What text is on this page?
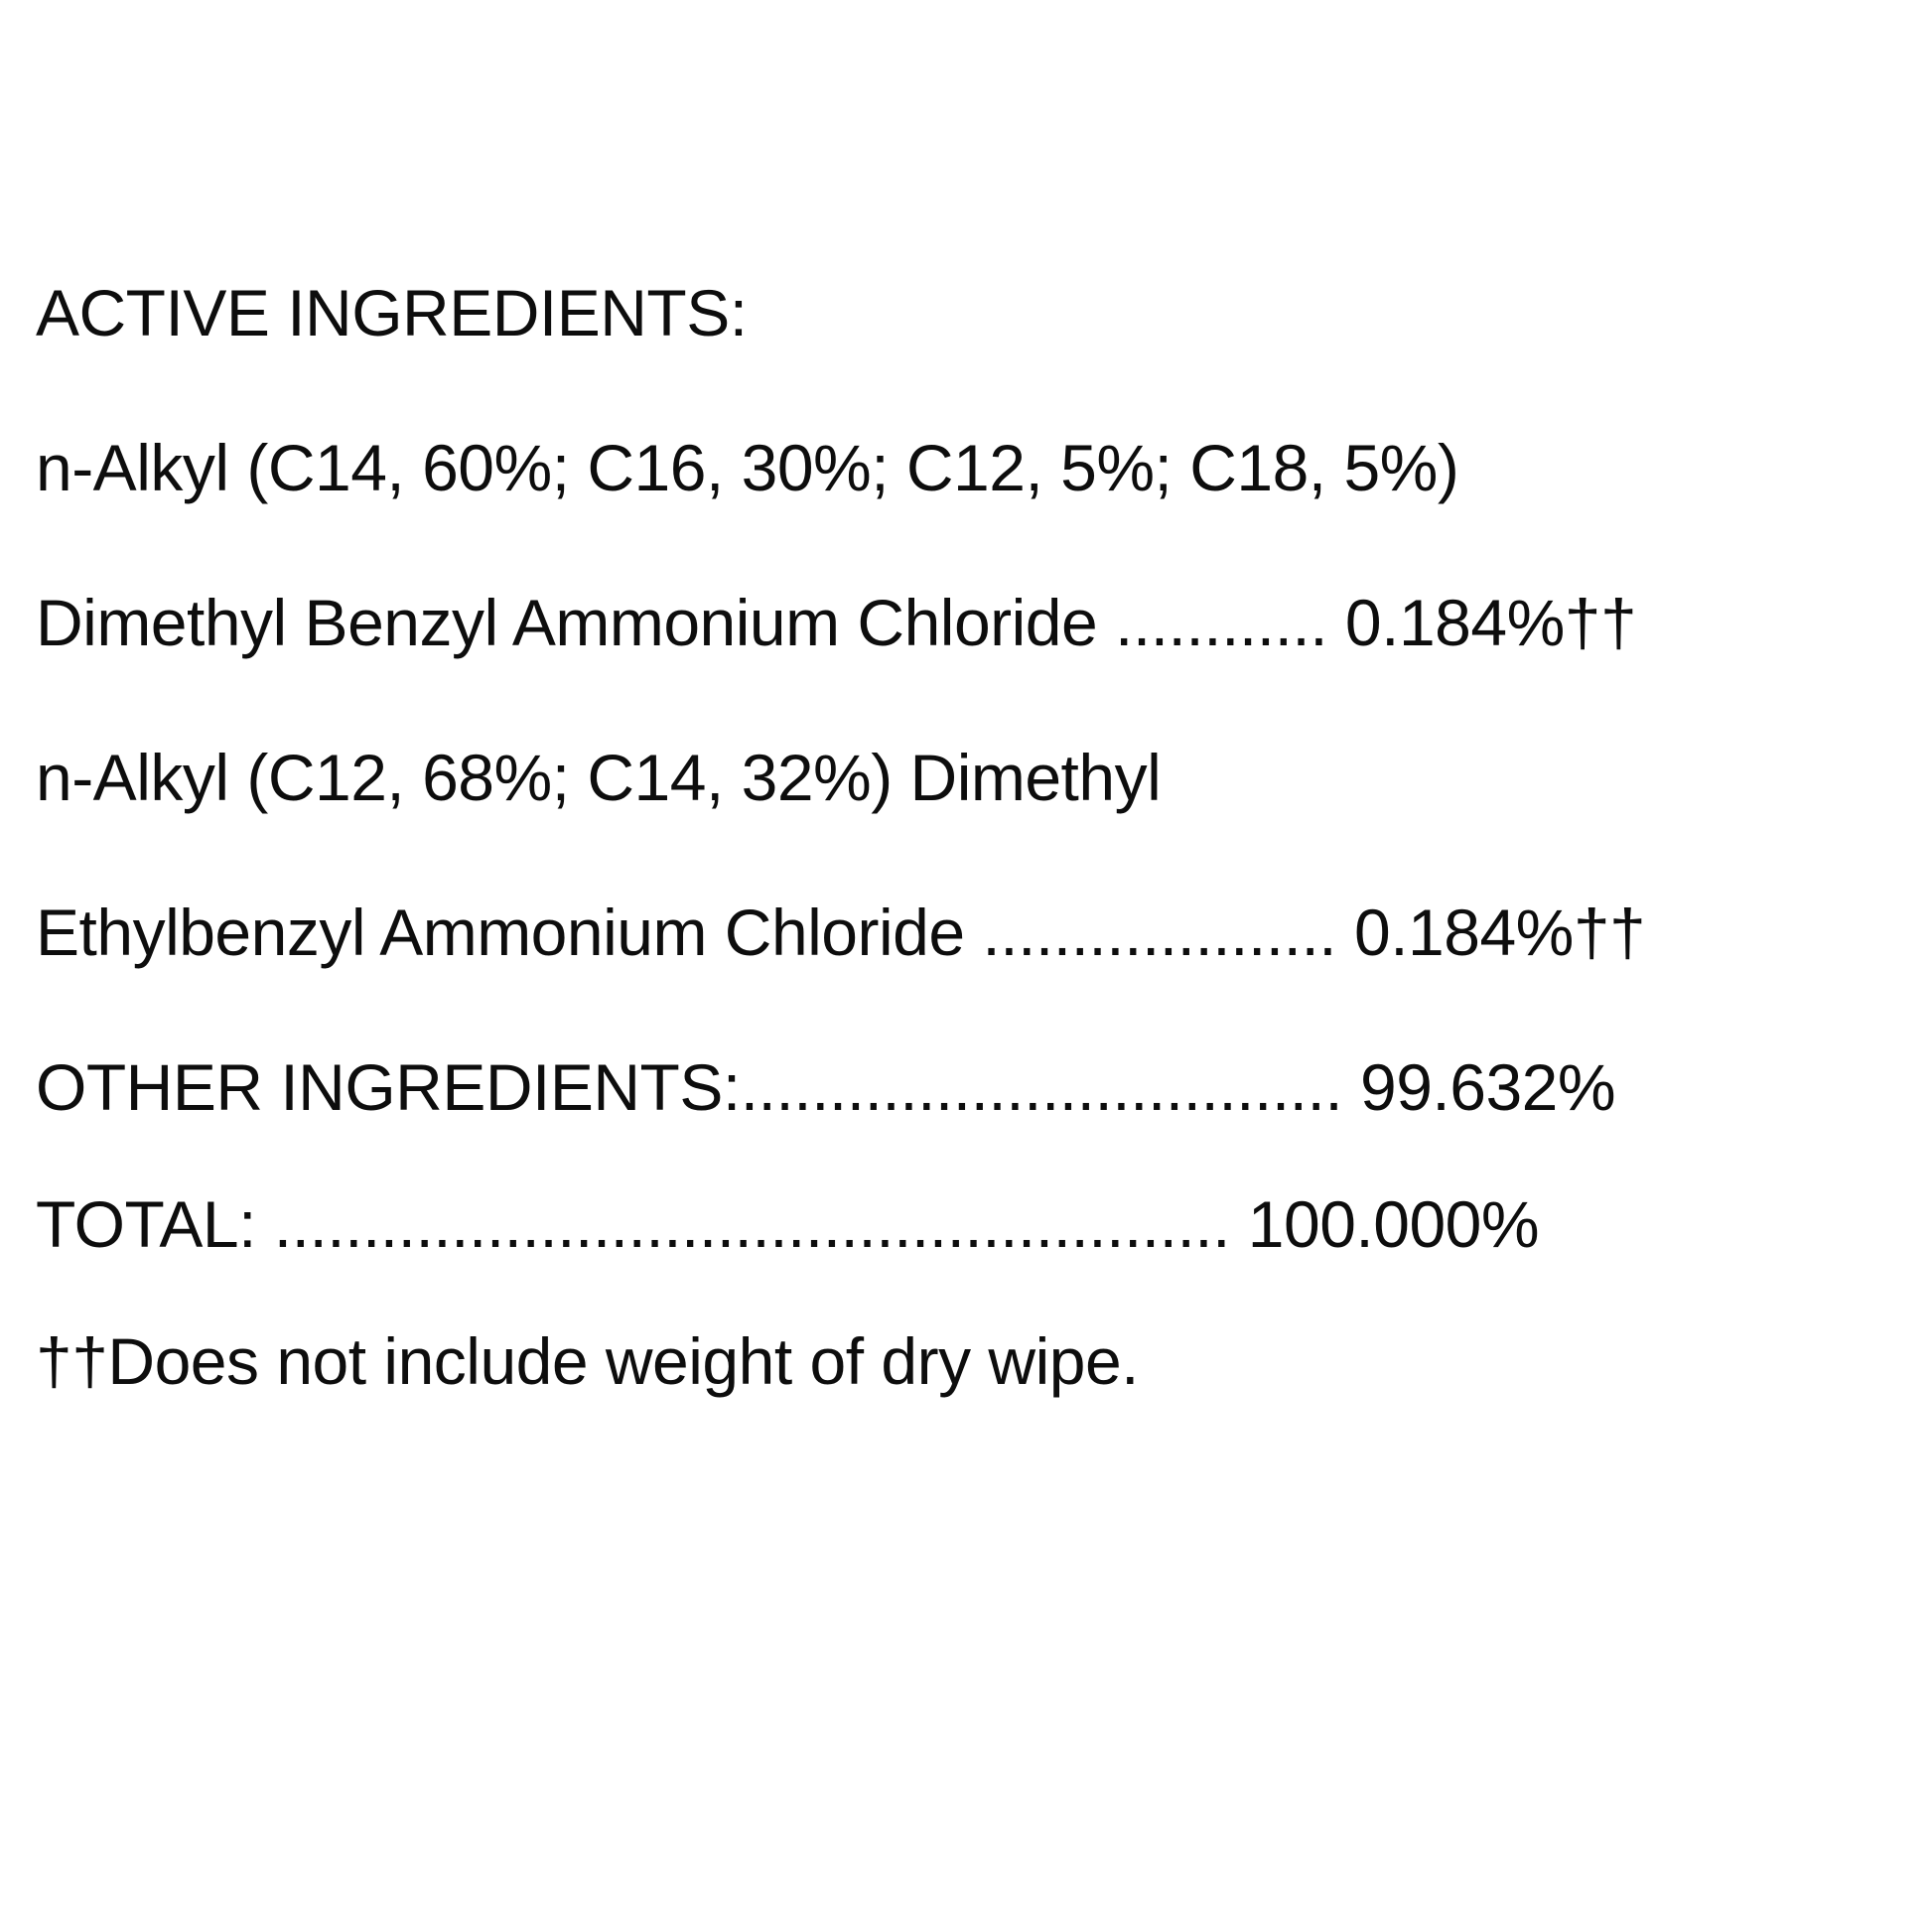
ACTIVE INGREDIENTS:
n-Alkyl (C14, 60%; C16, 30%; C12, 5%; C18, 5%)
Dimethyl Benzyl Ammonium Chloride ............ 0.184%††
n-Alkyl (C12, 68%; C14, 32%) Dimethyl
Ethylbenzyl Ammonium Chloride .................... 0.184%††
OTHER INGREDIENTS:.................................. 99.632%
TOTAL: ...................................................... 100.000%
††Does not include weight of dry wipe.
